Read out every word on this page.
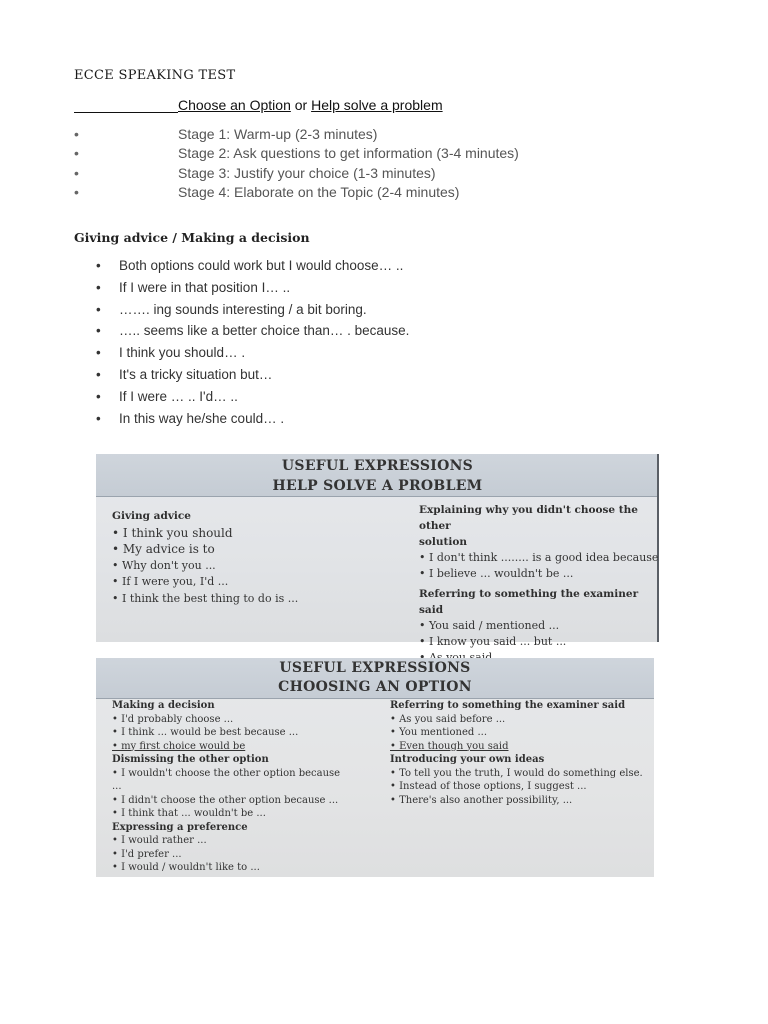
ECCE SPEAKING TEST
Choose an Option or Help solve a problem
•	Stage 1: Warm-up (2-3 minutes)
•	Stage 2: Ask questions to get information (3-4 minutes)
•	Stage 3: Justify your choice (1-3 minutes)
•	Stage 4: Elaborate on the Topic (2-4 minutes)
Giving advice / Making a decision
• Both options could work but I would choose… ..
• If I were in that position I… ..
• ……. ing sounds interesting / a bit boring.
• ….. seems like a better choice than… . because.
• I think you should… .
• It's a tricky situation but…
• If I were … .. I'd… ..
• In this way he/she could… .
USEFUL EXPRESSIONS
HELP SOLVE A PROBLEM
Giving advice
• I think you should
• My advice is to
• Why don't you ...
• If I were you, I'd ...
• I think the best thing to do is ...
Explaining why you didn't choose the other
solution
• I don't think ........ is a good idea because
• I believe ... wouldn't be ...
Referring to something the examiner said
• You said / mentioned ...
• I know you said ... but ...
USEFUL EXPRESSIONS
CHOOSING AN OPTION
Making a decision
• I'd probably choose ...
• I think ... would be best because ...
• my first choice would be
Dismissing the other option
• I wouldn't choose the other option because
...
• I didn't choose the other option because ...
• I think that ... wouldn't be ...
Expressing a preference
• I would rather ...
• I'd prefer ...
• I would / wouldn't like to ...
Referring to something the examiner said
• As you said before ...
• You mentioned ...
• Even though you said
Introducing your own ideas
• To tell you the truth, I would do something else.
• Instead of those options, I suggest ...
• There's also another possibility, ...
